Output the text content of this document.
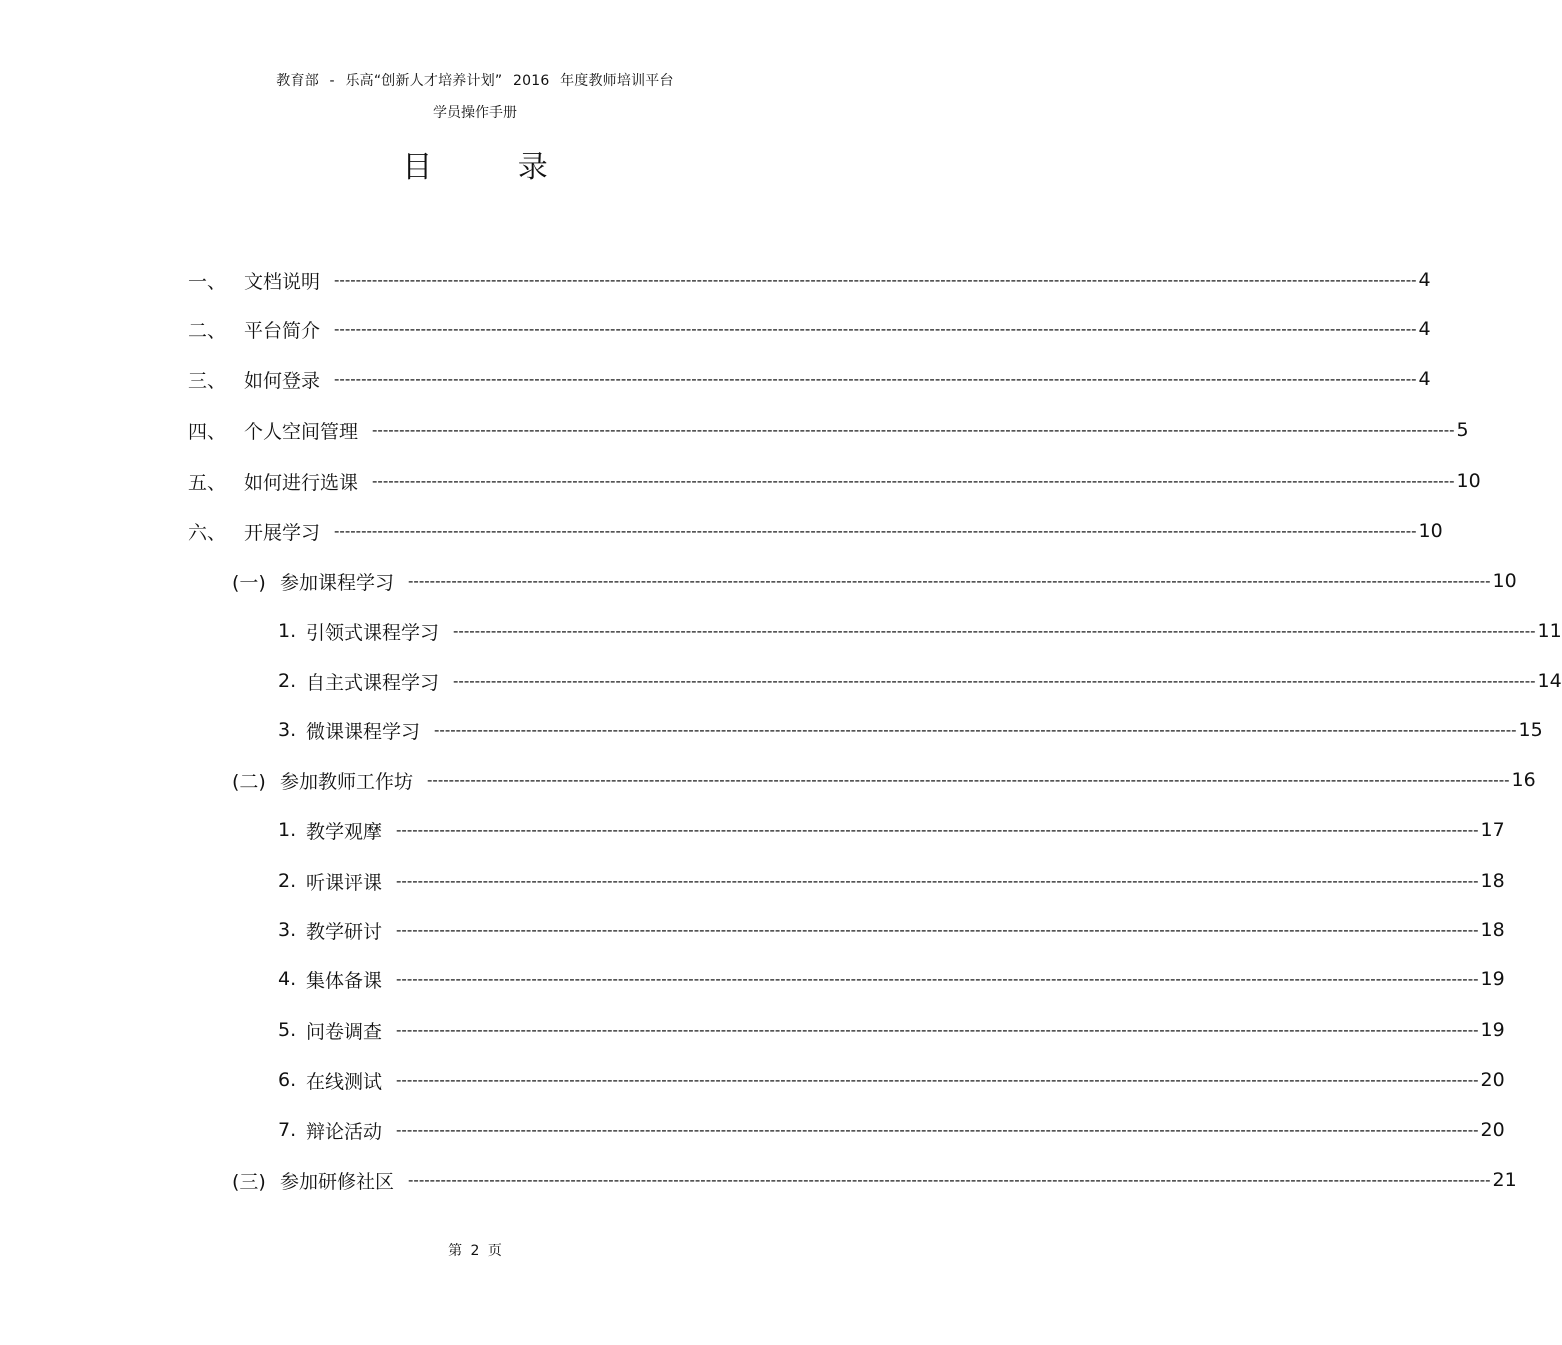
教育部 - 乐高“创新人才培养计划” 2016 年度教师培训平台
学员操作手册
目 录
一、 文档说明 -------------------------------------------------------------------------------------------------------------------------------------------------------------------------------------------------------- 4
二、 平台简介 -------------------------------------------------------------------------------------------------------------------------------------------------------------------------------------------------------- 4
三、 如何登录 -------------------------------------------------------------------------------------------------------------------------------------------------------------------------------------------------------- 4
四、 个人空间管理 -------------------------------------------------------------------------------------------------------------------------------------------------------------------------------------------------------- 5
五、 如何进行选课 -------------------------------------------------------------------------------------------------------------------------------------------------------------------------------------------------------- 10
六、 开展学习 -------------------------------------------------------------------------------------------------------------------------------------------------------------------------------------------------------- 10
(一) 参加课程学习 -------------------------------------------------------------------------------------------------------------------------------------------------------------------------------------------------------- 10
1. 引领式课程学习 -------------------------------------------------------------------------------------------------------------------------------------------------------------------------------------------------------- 11
2. 自主式课程学习 -------------------------------------------------------------------------------------------------------------------------------------------------------------------------------------------------------- 14
3. 微课课程学习 -------------------------------------------------------------------------------------------------------------------------------------------------------------------------------------------------------- 15
(二) 参加教师工作坊 -------------------------------------------------------------------------------------------------------------------------------------------------------------------------------------------------------- 16
1. 教学观摩 -------------------------------------------------------------------------------------------------------------------------------------------------------------------------------------------------------- 17
2. 听课评课 -------------------------------------------------------------------------------------------------------------------------------------------------------------------------------------------------------- 18
3. 教学研讨 -------------------------------------------------------------------------------------------------------------------------------------------------------------------------------------------------------- 18
4. 集体备课 -------------------------------------------------------------------------------------------------------------------------------------------------------------------------------------------------------- 19
5. 问卷调查 -------------------------------------------------------------------------------------------------------------------------------------------------------------------------------------------------------- 19
6. 在线测试 -------------------------------------------------------------------------------------------------------------------------------------------------------------------------------------------------------- 20
7. 辩论活动 -------------------------------------------------------------------------------------------------------------------------------------------------------------------------------------------------------- 20
(三) 参加研修社区 -------------------------------------------------------------------------------------------------------------------------------------------------------------------------------------------------------- 21
第 2 页
